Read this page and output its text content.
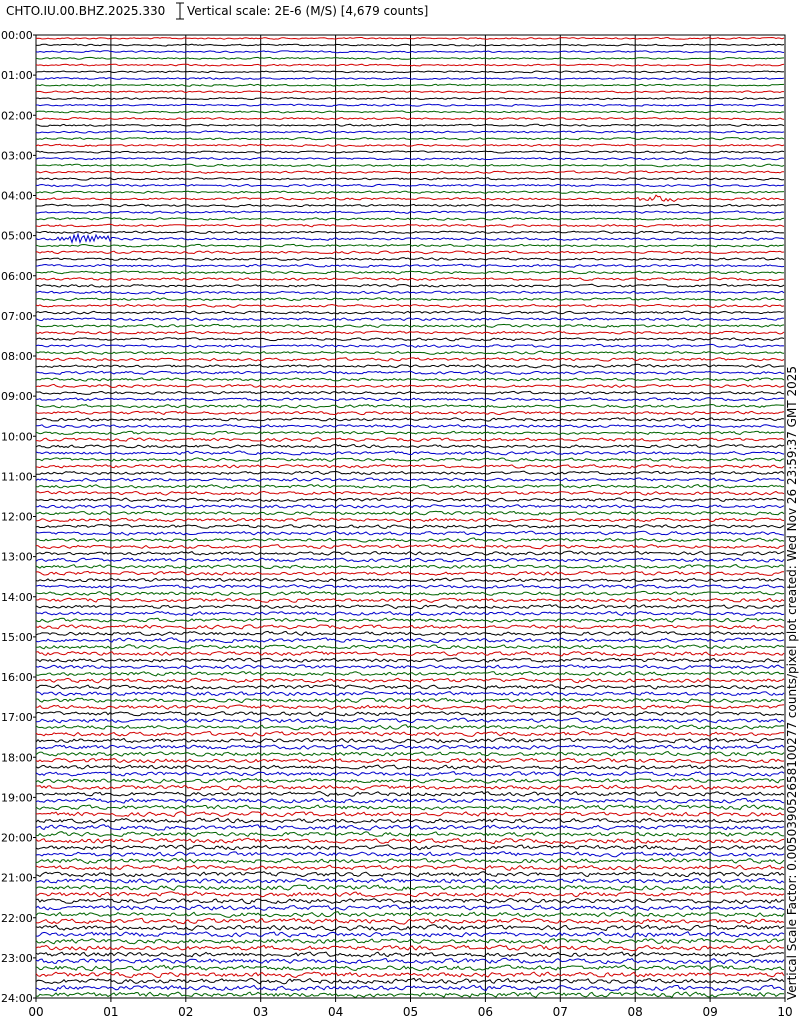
CHTO.IU.00.BHZ.2025.330 Vertical scale: 2E-6 (M/S) [4,679 counts]
Vertical Scale Factor: 0.005039052658100277 counts/pixel plot created: Wed Nov 26 23:59:37 GMT 2025
00:00
01:00
02:00
03:00
04:00
05:00
06:00
07:00
08:00
09:00
10:00
11:00
12:00
13:00
14:00
15:00
16:00
17:00
18:00
19:00
20:00
21:00
22:00
23:00
24:00
00	01	02	03	04	05	06	07	08	09	10
